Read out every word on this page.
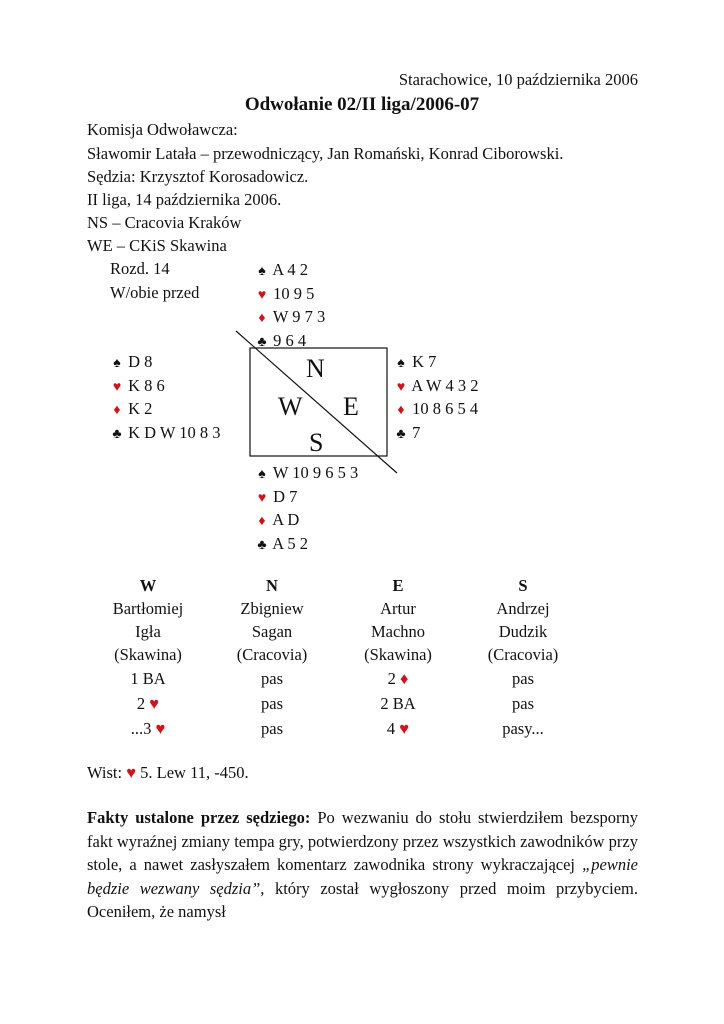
Starachowice, 10 października 2006
Odwołanie 02/II liga/2006-07
Komisja Odwoławcza:
Sławomir Latała – przewodniczący, Jan Romański, Konrad Ciborowski.
Sędzia: Krzysztof Korosadowicz.
II liga, 14 października 2006.
NS – Cracovia Kraków
WE – CKiS Skawina
Rozd. 14
W/obie przed
♠ A 4 2
♥ 10 9 5
♦ W 9 7 3
♣ 9 6 4
♠ D 8
♥ K 8 6
♦ K 2
♣ K D W 10 8 3
♠ K 7
♥ A W 4 3 2
♦ 10 8 6 5 4
♣ 7
♠ W 10 9 6 5 3
♥ D 7
♦ A D
♣ A 5 2
N
W E
S
W
Bartłomiej
Igła
(Skawina)
1 BA
2 ♥
...3 ♥
N
Zbigniew
Sagan
(Cracovia)
pas
pas
pas
E
Artur
Machno
(Skawina)
2 ♦
2 BA
4 ♥
S
Andrzej
Dudzik
(Cracovia)
pas
pas
pasy...
Wist: ♥ 5. Lew 11, -450.

Fakty ustalone przez sędziego: Po wezwaniu do stołu stwierdziłem bezsporny fakt wyraźnej zmiany tempa gry, potwierdzony przez wszystkich zawodników przy stole, a nawet zasłyszałem komentarz zawodnika strony wykraczającej „pewnie będzie wezwany sędzia”, który został wygłoszony przed moim przybyciem. Oceniłem, że namysł
